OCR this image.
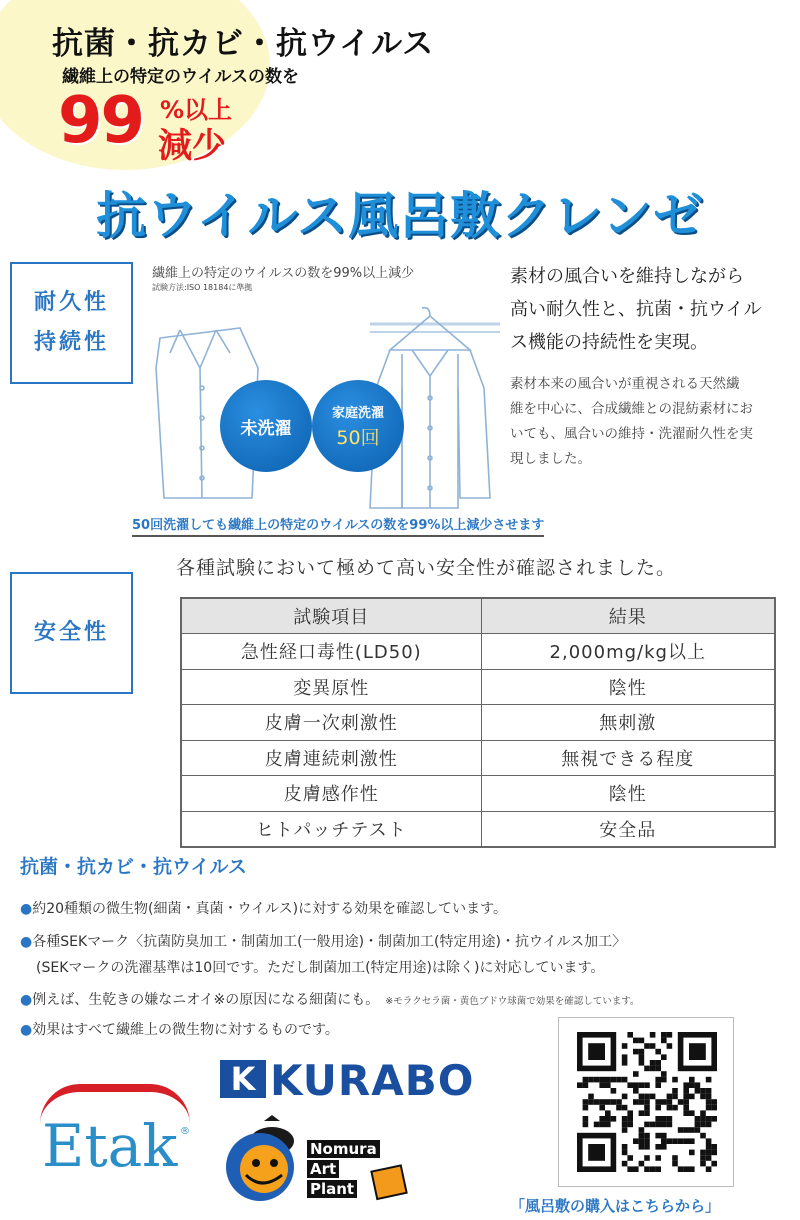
抗菌・抗カビ・抗ウイルス
繊維上の特定のウイルスの数を
99 %以上
減少
抗ウイルス風呂敷クレンゼ
耐久性
持続性
繊維上の特定のウイルスの数を99%以上減少
試験方法:ISO 18184に準拠
未洗濯
家庭洗濯
50回
素材の風合いを維持しながら
高い耐久性と、抗菌・抗ウイル
ス機能の持続性を実現。
素材本来の風合いが重視される天然繊
維を中心に、合成繊維との混紡素材にお
いても、風合いの維持・洗濯耐久性を実
現しました。
50回洗濯しても繊維上の特定のウイルスの数を99%以上減少させます
安全性
各種試験において極めて高い安全性が確認されました。
試験項目	結果
急性経口毒性(LD50)	2,000mg/kg以上
変異原性	陰性
皮膚一次刺激性	無刺激
皮膚連続刺激性	無視できる程度
皮膚感作性	陰性
ヒトパッチテスト	安全品
抗菌・抗カビ・抗ウイルス
●約20種類の微生物(細菌・真菌・ウイルス)に対する効果を確認しています。
●各種SEKマーク〈抗菌防臭加工・制菌加工(一般用途)・制菌加工(特定用途)・抗ウイルス加工〉
(SEKマークの洗濯基準は10回です。ただし制菌加工(特定用途)は除く)に対応しています。
●例えば、生乾きの嫌なニオイ※の原因になる細菌にも。 ※モラクセラ菌・黄色ブドウ球菌で効果を確認しています。
●効果はすべて繊維上の微生物に対するものです。
Etak ®
K KURABO
Nomura
Art
Plant
「風呂敷の購入はこちらから」
